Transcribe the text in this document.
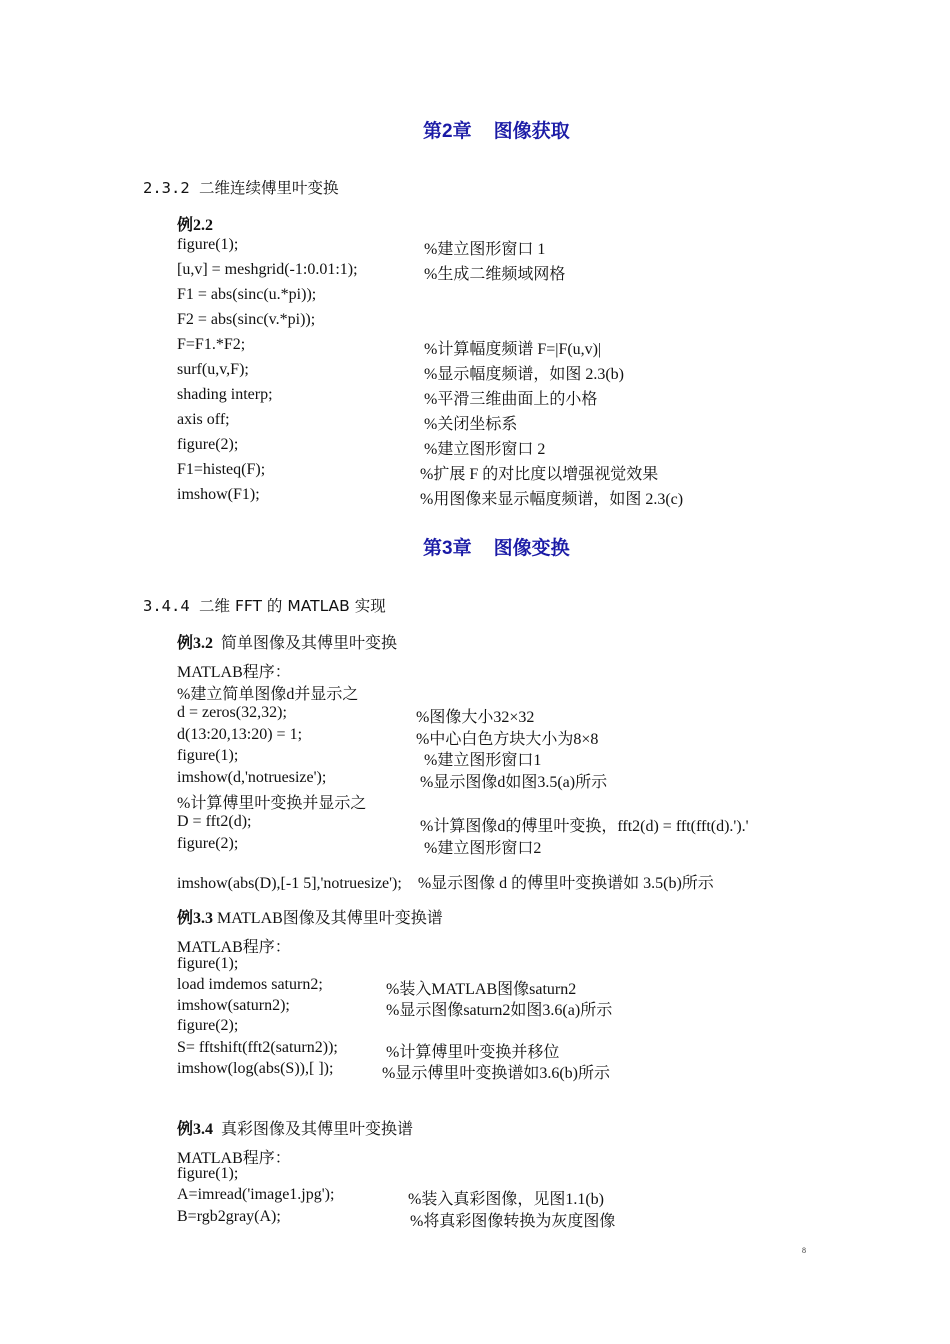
第2章 图像获取
2.3.2 二维连续傅里叶变换
例2.2
figure(1);	%建立图形窗口 1
[u,v] = meshgrid(-1:0.01:1);	%生成二维频域网格
F1 = abs(sinc(u.*pi));
F2 = abs(sinc(v.*pi));
F=F1.*F2;	%计算幅度频谱 F=|F(u,v)|
surf(u,v,F);	%显示幅度频谱，如图 2.3(b)
shading interp;	%平滑三维曲面上的小格
axis off;	%关闭坐标系
figure(2);	%建立图形窗口 2
F1=histeq(F);	%扩展 F 的对比度以增强视觉效果
imshow(F1);	%用图像来显示幅度频谱，如图 2.3(c)
第3章 图像变换
3.4.4 二维 FFT 的 MATLAB 实现
例3.2 简单图像及其傅里叶变换
MATLAB程序：
%建立简单图像d并显示之
d = zeros(32,32);	%图像大小32×32
d(13:20,13:20) = 1;	%中心白色方块大小为8×8
figure(1);	%建立图形窗口1
imshow(d,'notruesize');	%显示图像d如图3.5(a)所示
%计算傅里叶变换并显示之
D = fft2(d);	%计算图像d的傅里叶变换，fft2(d) = fft(fft(d).').'
figure(2);	%建立图形窗口2
imshow(abs(D),[-1 5],'notruesize'); %显示图像 d 的傅里叶变换谱如 3.5(b)所示
例3.3 MATLAB图像及其傅里叶变换谱
MATLAB程序：
figure(1);
load imdemos saturn2;	%装入MATLAB图像saturn2
imshow(saturn2);	%显示图像saturn2如图3.6(a)所示
figure(2);
S= fftshift(fft2(saturn2));	%计算傅里叶变换并移位
imshow(log(abs(S)),[ ]);	%显示傅里叶变换谱如3.6(b)所示
例3.4 真彩图像及其傅里叶变换谱
MATLAB程序：
figure(1);
A=imread('image1.jpg');	%装入真彩图像，见图1.1(b)
B=rgb2gray(A);	%将真彩图像转换为灰度图像
8
